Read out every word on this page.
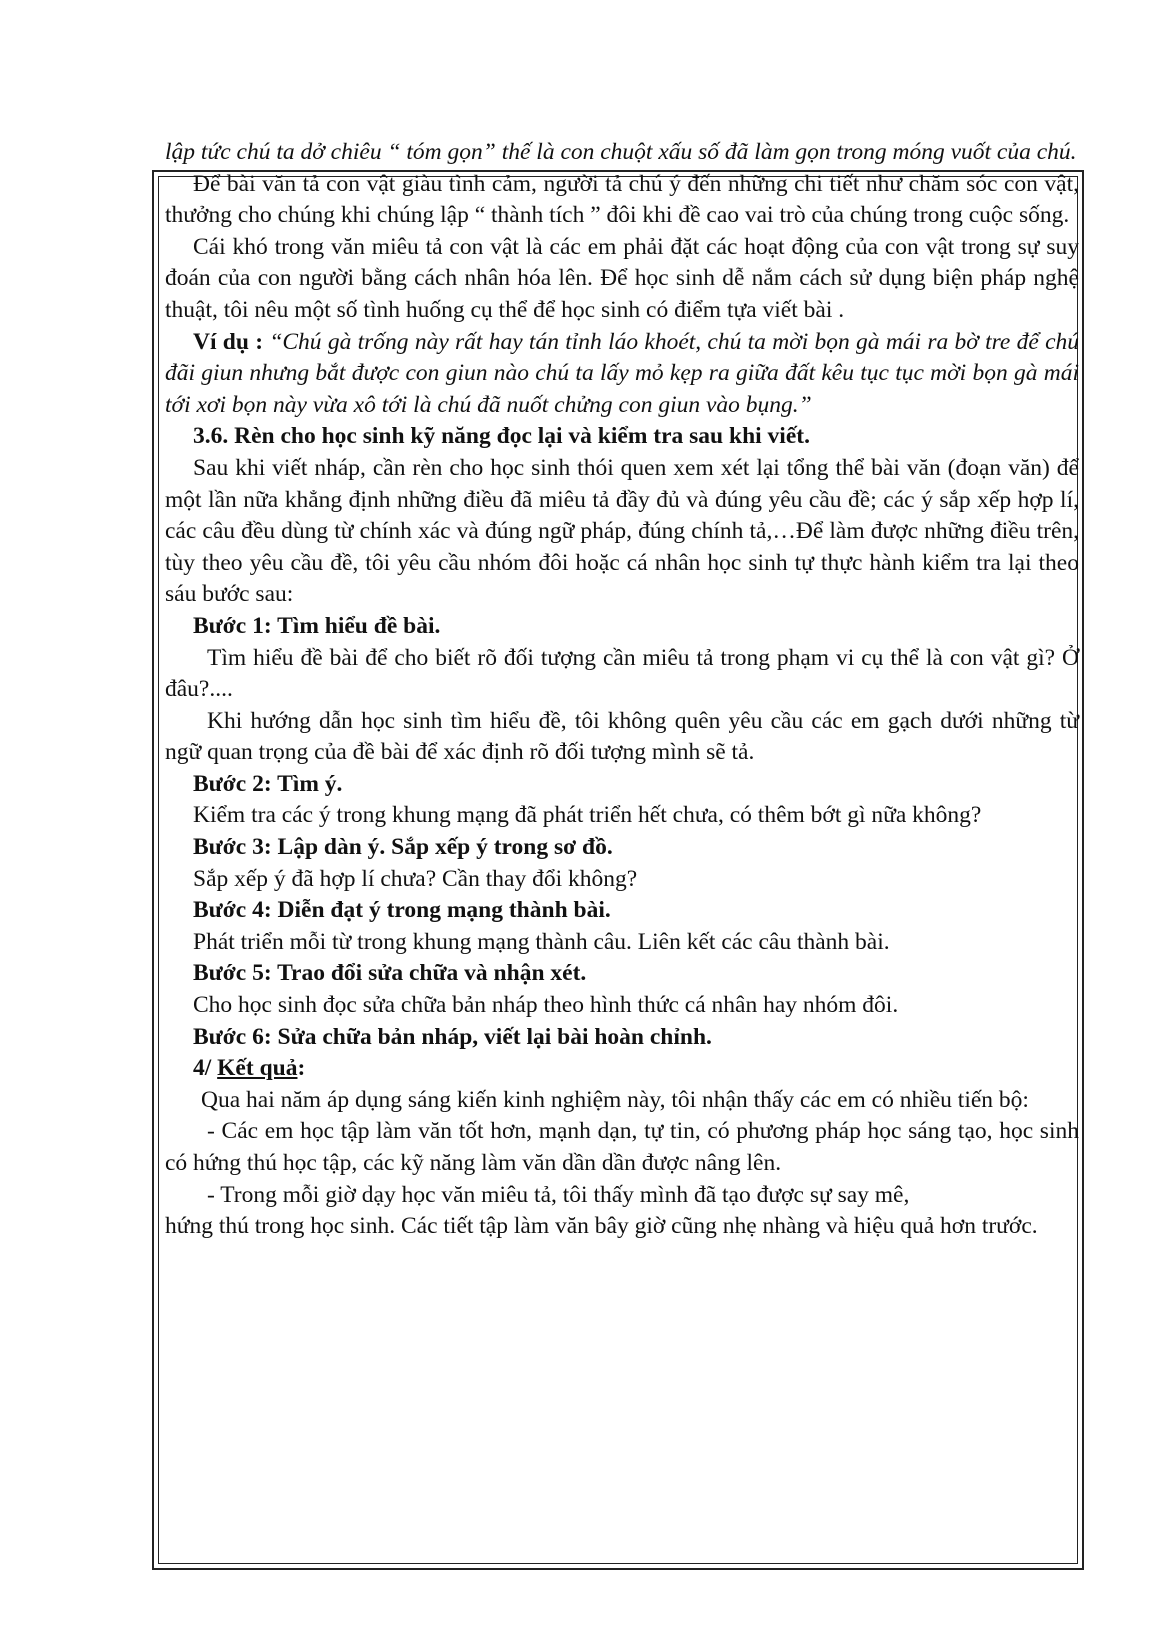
lập tức chú ta dở chiêu “ tóm gọn” thế là con chuột xấu số đã làm gọn trong móng vuốt của chú.

Để bài văn tả con vật giàu tình cảm, người tả chú ý đến những chi tiết như chăm sóc con vật, thưởng cho chúng khi chúng lập “ thành tích ” đôi khi đề cao vai trò của chúng trong cuộc sống.

Cái khó trong văn miêu tả con vật là các em phải đặt các hoạt động của con vật trong sự suy đoán của con người bằng cách nhân hóa lên. Để học sinh dễ nắm cách sử dụng biện pháp nghệ thuật, tôi nêu một số tình huống cụ thể để học sinh có điểm tựa viết bài .

Ví dụ : “Chú gà trống này rất hay tán tỉnh láo khoét, chú ta mời bọn gà mái ra bờ tre để chú đãi giun nhưng bắt được con giun nào chú ta lấy mỏ kẹp ra giữa đất kêu tục tục mời bọn gà mái tới xơi bọn này vừa xô tới là chú đã nuốt chửng con giun vào bụng.”

3.6. Rèn cho học sinh kỹ năng đọc lại và kiểm tra sau khi viết.

Sau khi viết nháp, cần rèn cho học sinh thói quen xem xét lại tổng thể bài văn (đoạn văn) để một lần nữa khẳng định những điều đã miêu tả đầy đủ và đúng yêu cầu đề; các ý sắp xếp hợp lí, các câu đều dùng từ chính xác và đúng ngữ pháp, đúng chính tả,…Để làm được những điều trên, tùy theo yêu cầu đề, tôi yêu cầu nhóm đôi hoặc cá nhân học sinh tự thực hành kiểm tra lại theo sáu bước sau:

Bước 1: Tìm hiểu đề bài.

Tìm hiểu đề bài để cho biết rõ đối tượng cần miêu tả trong phạm vi cụ thể là con vật gì? Ở đâu?....

Khi hướng dẫn học sinh tìm hiểu đề, tôi không quên yêu cầu các em gạch dưới những từ ngữ quan trọng của đề bài để xác định rõ đối tượng mình sẽ tả.

Bước 2: Tìm ý.

Kiểm tra các ý trong khung mạng đã phát triển hết chưa, có thêm bớt gì nữa không?

Bước 3: Lập dàn ý. Sắp xếp ý trong sơ đồ.

Sắp xếp ý đã hợp lí chưa? Cần thay đổi không?

Bước 4: Diễn đạt ý trong mạng thành bài.

Phát triển mỗi từ trong khung mạng thành câu. Liên kết các câu thành bài.

Bước 5: Trao đổi sửa chữa và nhận xét.

Cho học sinh đọc sửa chữa bản nháp theo hình thức cá nhân hay nhóm đôi.

Bước 6: Sửa chữa bản nháp, viết lại bài hoàn chỉnh.

4/ Kết quả:

Qua hai năm áp dụng sáng kiến kinh nghiệm này, tôi nhận thấy các em có nhiều tiến bộ:

- Các em học tập làm văn tốt hơn, mạnh dạn, tự tin, có phương pháp học sáng tạo, học sinh có hứng thú học tập, các kỹ năng làm văn dần dần được nâng lên.

- Trong mỗi giờ dạy học văn miêu tả, tôi thấy mình đã tạo được sự say mê,

hứng thú trong học sinh. Các tiết tập làm văn bây giờ cũng nhẹ nhàng và hiệu quả hơn trước.
